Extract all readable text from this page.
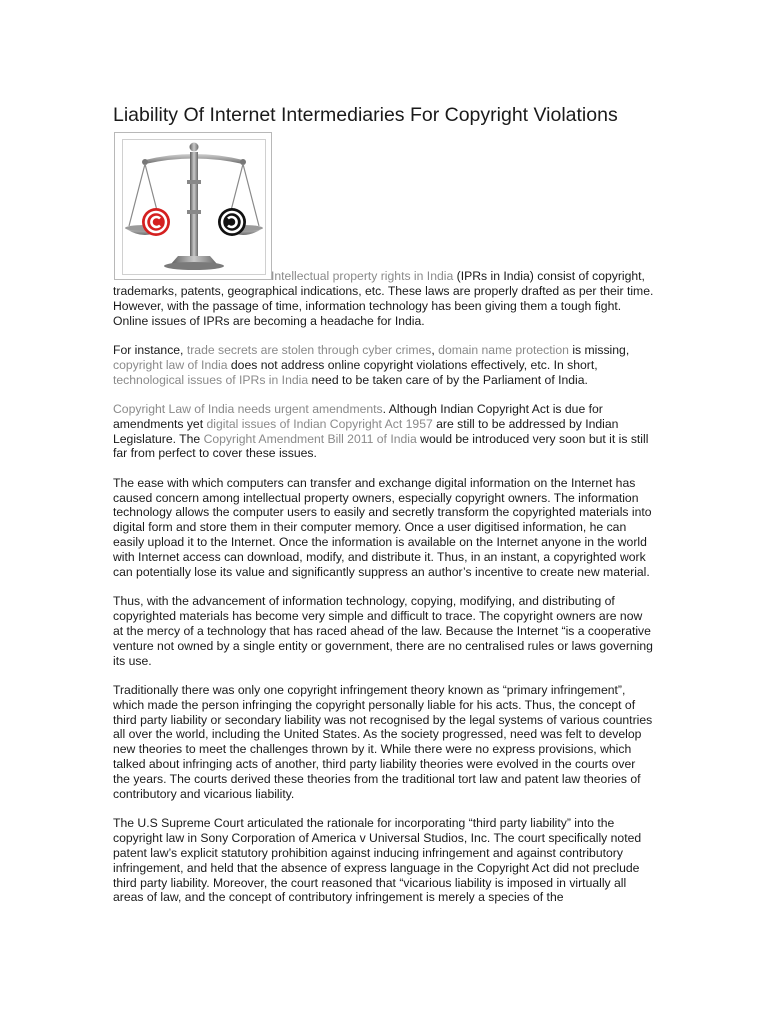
Liability Of Internet Intermediaries For Copyright Violations

Intellectual property rights in India (IPRs in India) consist of copyright, trademarks, patents, geographical indications, etc. These laws are properly drafted as per their time. However, with the passage of time, information technology has been giving them a tough fight. Online issues of IPRs are becoming a headache for India.

For instance, trade secrets are stolen through cyber crimes, domain name protection is missing, copyright law of India does not address online copyright violations effectively, etc. In short, technological issues of IPRs in India need to be taken care of by the Parliament of India.

Copyright Law of India needs urgent amendments. Although Indian Copyright Act is due for amendments yet digital issues of Indian Copyright Act 1957 are still to be addressed by Indian Legislature. The Copyright Amendment Bill 2011 of India would be introduced very soon but it is still far from perfect to cover these issues.

The ease with which computers can transfer and exchange digital information on the Internet has caused concern among intellectual property owners, especially copyright owners. The information technology allows the computer users to easily and secretly transform the copyrighted materials into digital form and store them in their computer memory. Once a user digitised information, he can easily upload it to the Internet. Once the information is available on the Internet anyone in the world with Internet access can download, modify, and distribute it. Thus, in an instant, a copyrighted work can potentially lose its value and significantly suppress an author’s incentive to create new material.

Thus, with the advancement of information technology, copying, modifying, and distributing of copyrighted materials has become very simple and difficult to trace. The copyright owners are now at the mercy of a technology that has raced ahead of the law. Because the Internet “is a cooperative venture not owned by a single entity or government, there are no centralised rules or laws governing its use.

Traditionally there was only one copyright infringement theory known as “primary infringement”, which made the person infringing the copyright personally liable for his acts. Thus, the concept of third party liability or secondary liability was not recognised by the legal systems of various countries all over the world, including the United States. As the society progressed, need was felt to develop new theories to meet the challenges thrown by it. While there were no express provisions, which talked about infringing acts of another, third party liability theories were evolved in the courts over the years. The courts derived these theories from the traditional tort law and patent law theories of contributory and vicarious liability.

The U.S Supreme Court articulated the rationale for incorporating “third party liability” into the copyright law in Sony Corporation of America v Universal Studios, Inc. The court specifically noted patent law’s explicit statutory prohibition against inducing infringement and against contributory infringement, and held that the absence of express language in the Copyright Act did not preclude third party liability. Moreover, the court reasoned that “vicarious liability is imposed in virtually all areas of law, and the concept of contributory infringement is merely a species of the
